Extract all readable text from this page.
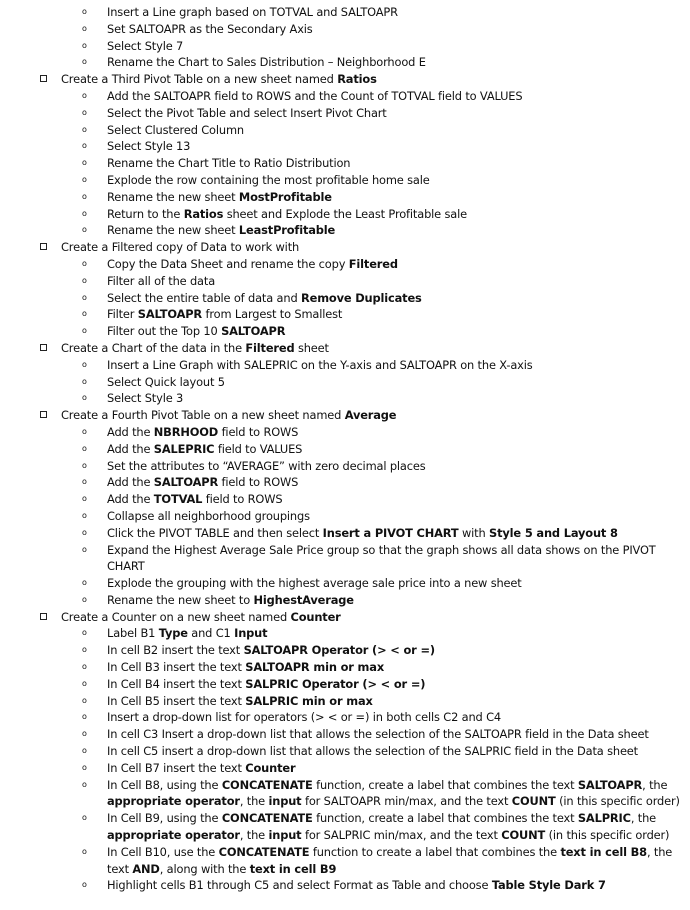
o Insert a Line graph based on TOTVAL and SALTOAPR
o Set SALTOAPR as the Secondary Axis
o Select Style 7
o Rename the Chart to Sales Distribution – Neighborhood E
Create a Third Pivot Table on a new sheet named Ratios
o Add the SALTOAPR field to ROWS and the Count of TOTVAL field to VALUES
o Select the Pivot Table and select Insert Pivot Chart
o Select Clustered Column
o Select Style 13
o Rename the Chart Title to Ratio Distribution
o Explode the row containing the most profitable home sale
o Rename the new sheet MostProfitable
o Return to the Ratios sheet and Explode the Least Profitable sale
o Rename the new sheet LeastProfitable
Create a Filtered copy of Data to work with
o Copy the Data Sheet and rename the copy Filtered
o Filter all of the data
o Select the entire table of data and Remove Duplicates
o Filter SALTOAPR from Largest to Smallest
o Filter out the Top 10 SALTOAPR
Create a Chart of the data in the Filtered sheet
o Insert a Line Graph with SALEPRIC on the Y-axis and SALTOAPR on the X-axis
o Select Quick layout 5
o Select Style 3
Create a Fourth Pivot Table on a new sheet named Average
o Add the NBRHOOD field to ROWS
o Add the SALEPRIC field to VALUES
o Set the attributes to “AVERAGE” with zero decimal places
o Add the SALTOAPR field to ROWS
o Add the TOTVAL field to ROWS
o Collapse all neighborhood groupings
o Click the PIVOT TABLE and then select Insert a PIVOT CHART with Style 5 and Layout 8
o Expand the Highest Average Sale Price group so that the graph shows all data shows on the PIVOT CHART
o Explode the grouping with the highest average sale price into a new sheet
o Rename the new sheet to HighestAverage
Create a Counter on a new sheet named Counter
o Label B1 Type and C1 Input
o In cell B2 insert the text SALTOAPR Operator (> < or =)
o In Cell B3 insert the text SALTOAPR min or max
o In Cell B4 insert the text SALPRIC Operator (> < or =)
o In Cell B5 insert the text SALPRIC min or max
o Insert a drop-down list for operators (> < or =) in both cells C2 and C4
o In cell C3 Insert a drop-down list that allows the selection of the SALTOAPR field in the Data sheet
o In cell C5 insert a drop-down list that allows the selection of the SALPRIC field in the Data sheet
o In Cell B7 insert the text Counter
o In Cell B8, using the CONCATENATE function, create a label that combines the text SALTOAPR, the appropriate operator, the input for SALTOAPR min/max, and the text COUNT (in this specific order)
o In Cell B9, using the CONCATENATE function, create a label that combines the text SALPRIC, the appropriate operator, the input for SALPRIC min/max, and the text COUNT (in this specific order)
o In Cell B10, use the CONCATENATE function to create a label that combines the text in cell B8, the text AND, along with the text in cell B9
o Highlight cells B1 through C5 and select Format as Table and choose Table Style Dark 7
